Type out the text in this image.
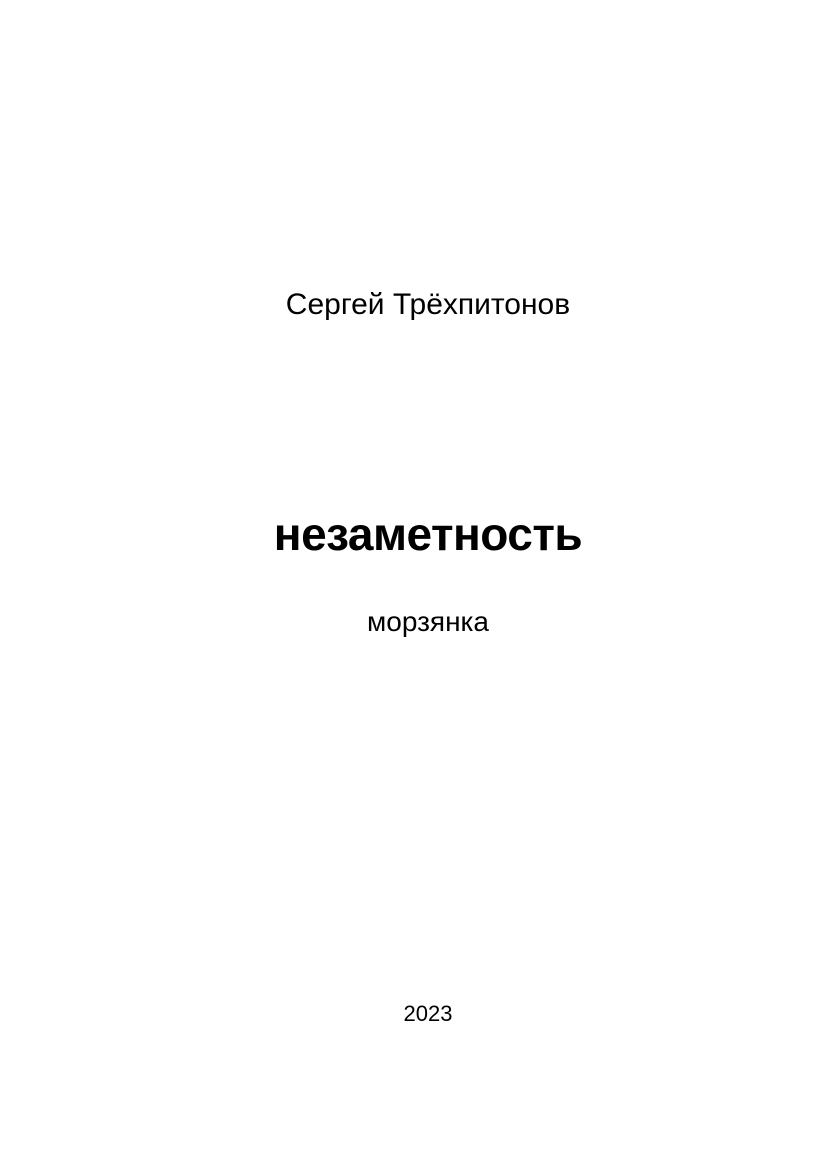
Сергей Трёхпитонов
незаметность
морзянка
2023
